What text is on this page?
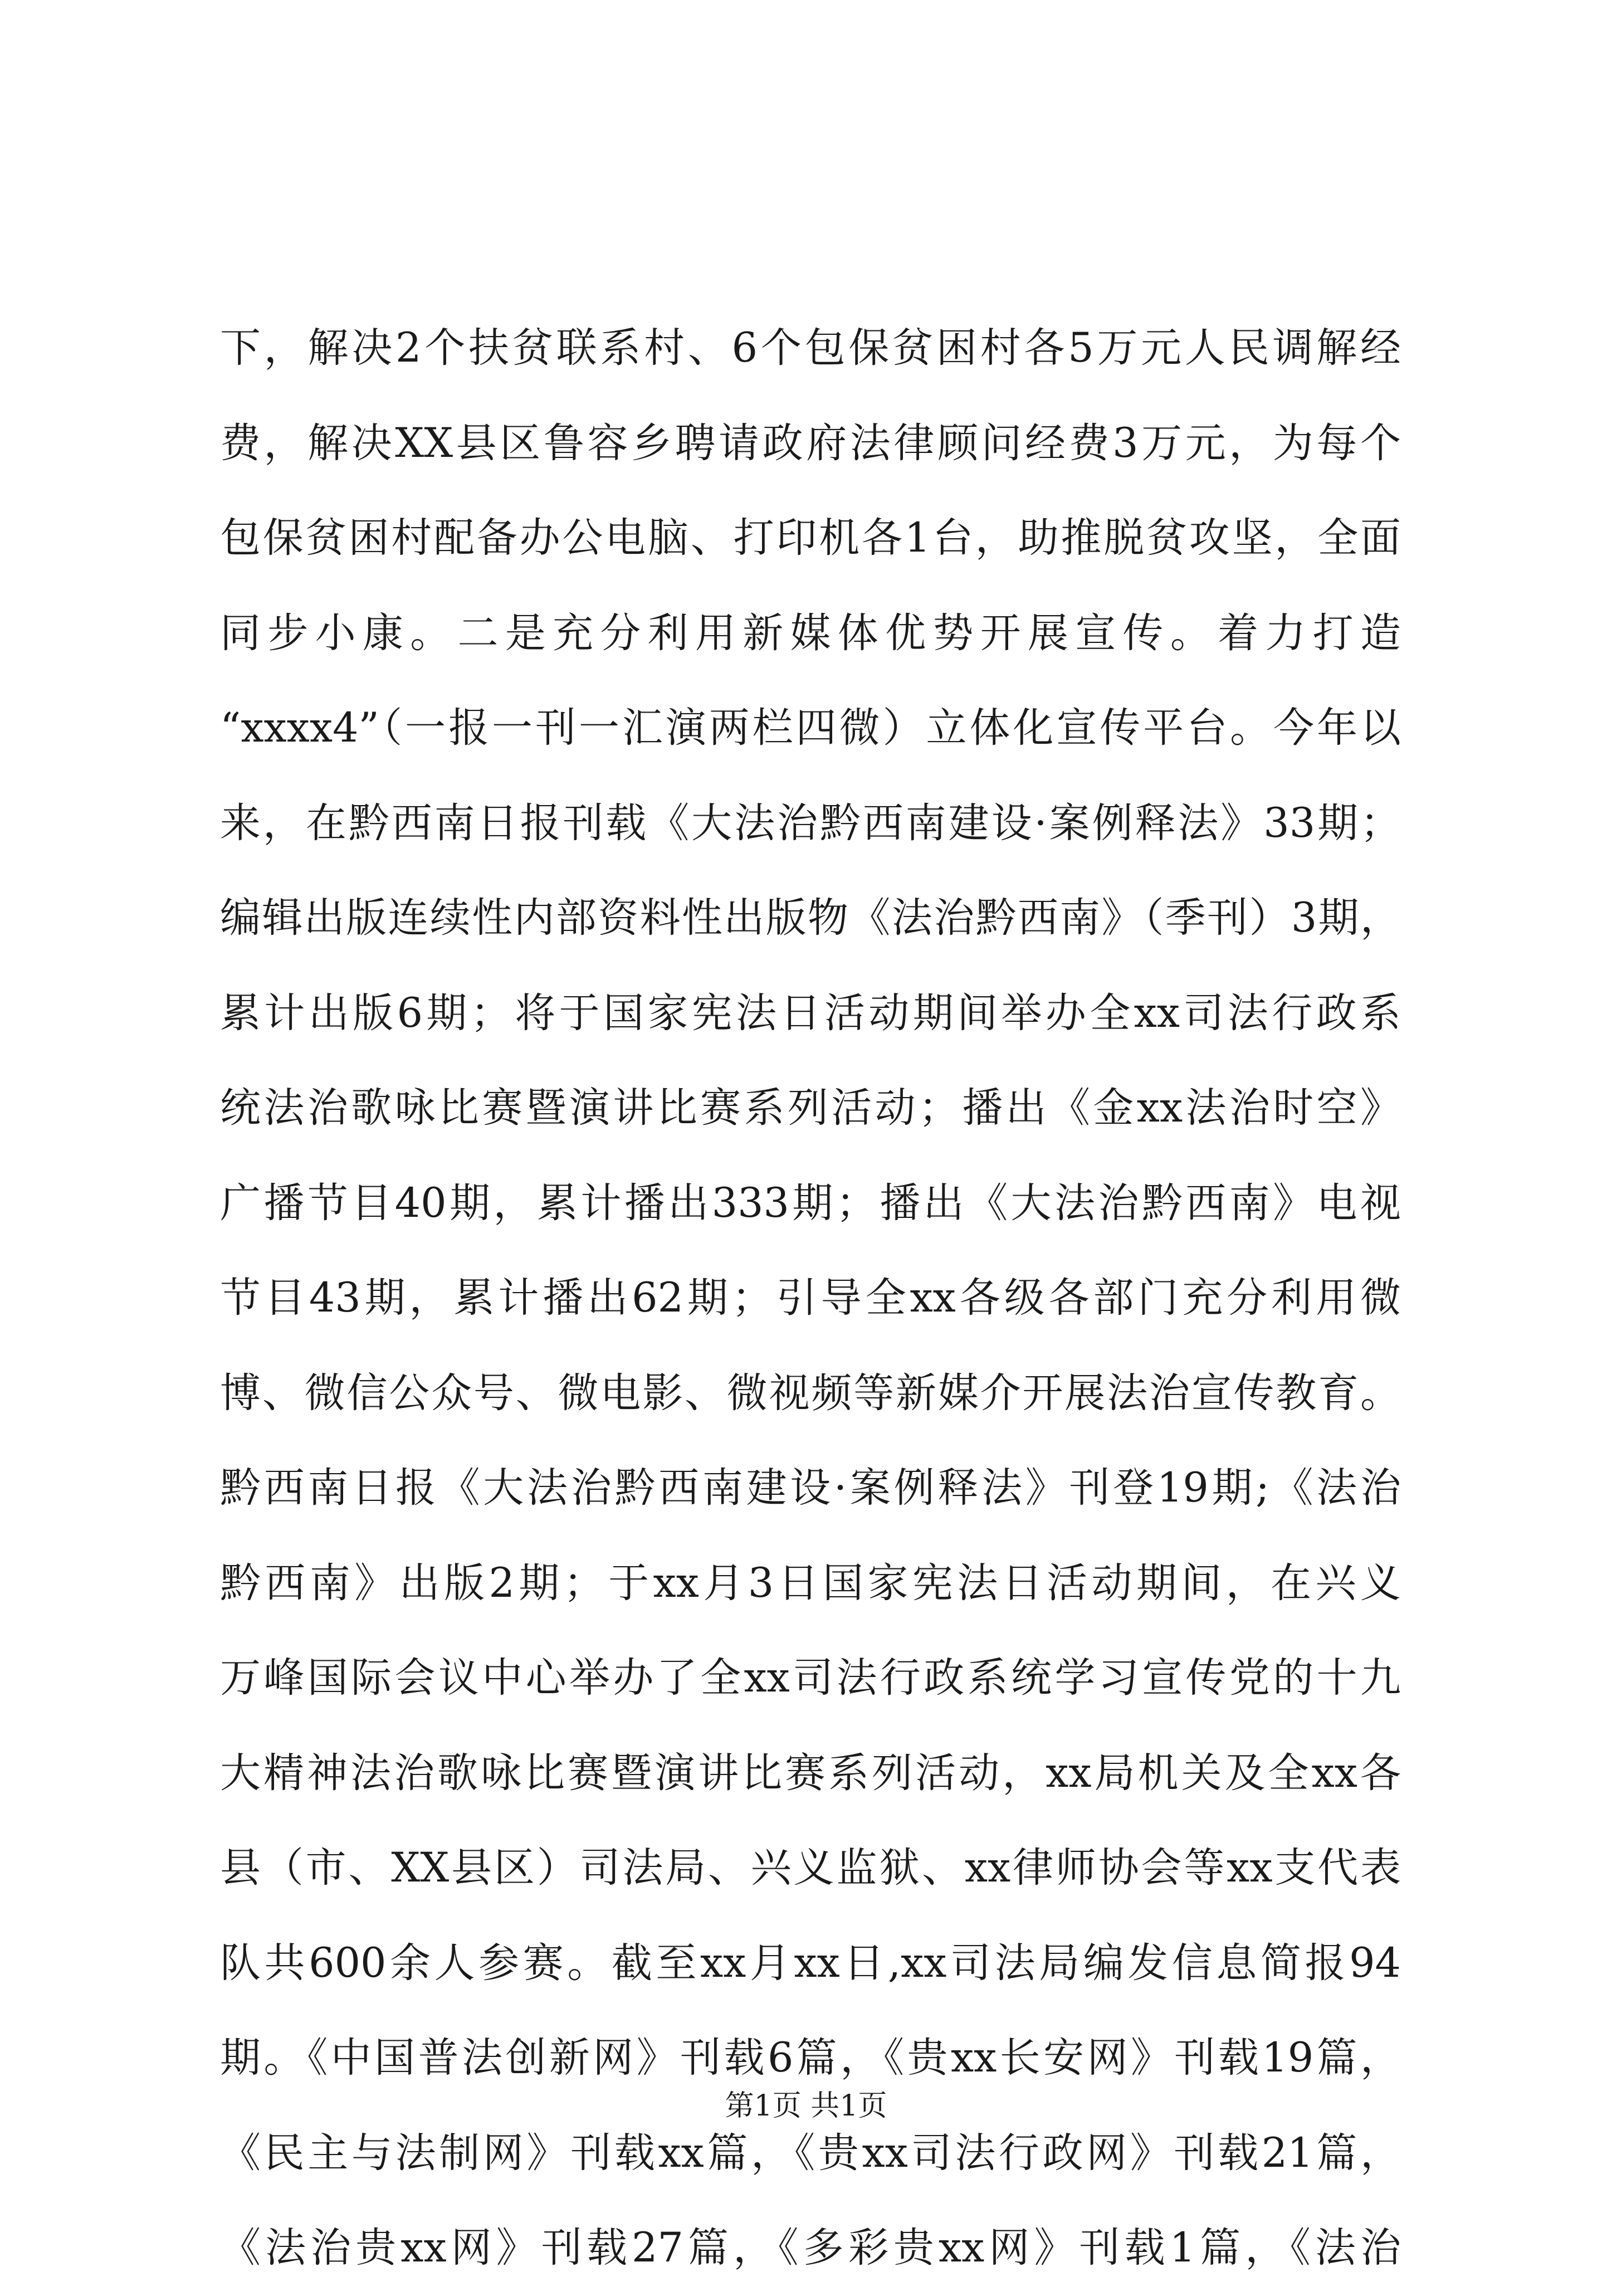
下，解决2个扶贫联系村、6个包保贫困村各5万元人民调解经
费，解决XX县区鲁容乡聘请政府法律顾问经费3万元，为每个
包保贫困村配备办公电脑、打印机各1台，助推脱贫攻坚，全面
同步小康。二是充分利用新媒体优势开展宣传。着力打造
“xxxx4”（一报一刊一汇演两栏四微）立体化宣传平台。今年以
来，在黔西南日报刊载《大法治黔西南建设·案例释法》33期；
编辑出版连续性内部资料性出版物《法治黔西南》（季刊）3期，
累计出版6期；将于国家宪法日活动期间举办全xx司法行政系
统法治歌咏比赛暨演讲比赛系列活动；播出《金xx法治时空》
广播节目40期，累计播出333期；播出《大法治黔西南》电视
节目43期，累计播出62期；引导全xx各级各部门充分利用微
博、微信公众号、微电影、微视频等新媒介开展法治宣传教育。
黔西南日报《大法治黔西南建设·案例释法》刊登19期;《法治
黔西南》出版2期；于xx月3日国家宪法日活动期间，在兴义
万峰国际会议中心举办了全xx司法行政系统学习宣传党的十九
大精神法治歌咏比赛暨演讲比赛系列活动，xx局机关及全xx各
县（市、XX县区）司法局、兴义监狱、xx律师协会等xx支代表
队共600余人参赛。截至xx月xx日,xx司法局编发信息简报94
期。《中国普法创新网》刊载6篇，《贵xx长安网》刊载19篇，
《民主与法制网》刊载xx篇，《贵xx司法行政网》刊载21篇，
《法治贵xx网》刊载27篇，《多彩贵xx网》刊载1篇，《法治
第1页 共1页
